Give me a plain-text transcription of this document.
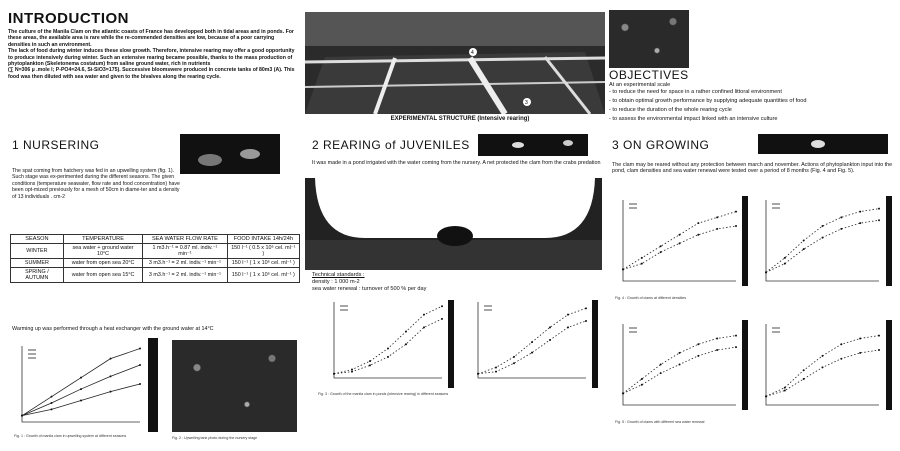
INTRODUCTION
The culture of the Manila Clam on the atlantic coasts of France has developped both in tidal areas and in ponds. For these areas, the available area is rare while the re-commended densities are low, because of a poor carrying densities in such an environment.
The lack of food during winter induces these slow growth. Therefore, intensive rearing may offer a good opportunity to produce intensively during winter. Such an extensive rearing became possible, thanks to the mass production of phytoplankton (Skeletonema costatum) from saline ground water, rich in nutrients
(∑ N=306 µ .mole l; P-PO4=24.6, Si-SiO3=175). Successive bloomswere produced in concrete tanks of 80m3 (A). This food was then diluted with sea water and given to the bivalves along the rearing cycle.
4
3
EXPERIMENTAL STRUCTURE (Intensive rearing)
OBJECTIVES
At an experimental scale
- to reduce the need for space in a rather confined littoral environment
- to obtain optimal growth performance by supplying adequate quantities of food
- to reduce the duration of the whole rearing cycle
- to assess the environmental impact linked with an intensive culture
1 NURSERING
The spat coming from hatchery was fed in an upwelling system (fig. 1). Such stage was ex-perimented during the different seasons. The given conditions (temperature seawater, flow rate and food concentration) have been opt-mized previously for a mesh of 50cm in diame-ter and a density of 13 individuals . cm-2
SEASON	TEMPERATURE	SEA WATER FLOW RATE	FOOD INTAKE 14h/24h
WINTER	sea water + ground water 10°C	1 m3.h⁻¹ = 0.87 ml. indiv.⁻¹ min⁻¹	150 l⁻¹ ( 0.5 x 10⁶ cel. ml⁻¹ )
SUMMER	water from open sea 20°C	3 m3.h⁻¹ = 2 ml. indiv.⁻¹ min⁻¹	150 l⁻¹ ( 1 x 10⁶ cel. ml⁻¹ )
SPRING / AUTUMN	water from open sea 15°C	3 m3.h⁻¹ = 2 ml. indiv.⁻¹ min⁻¹	150 l⁻¹ ( 1 x 10⁶ cel. ml⁻¹ )
Warming up was performed through a heat exchanger with the ground water at 14°C
Fig. 1 : Growth of manila clam in upwelling system at different seasons	Fig. 2 : Upwelling tank photo during the nursery stage
2 REARING of JUVENILES
It was made in a pond irrigated with the water coming from the nursery. A net protected the clam from the crabs predation
Technical standards :
density : 1 000 m-2
sea water renewal : turnover of 500 % per day
Fig. 3 : Growth of the manila clam in ponds (intensive rearing) in different seasons
3 ON GROWING
The clam may be reared without any protection between march and november. Actions of phytoplankton input into the pond, clam densities and sea water renewal were tested over a period of 8 months (Fig. 4 and Fig. 5).
Fig. 4 : Growth of clams at different densities
Fig. 5 : Growth of clams with different sea water renewal
